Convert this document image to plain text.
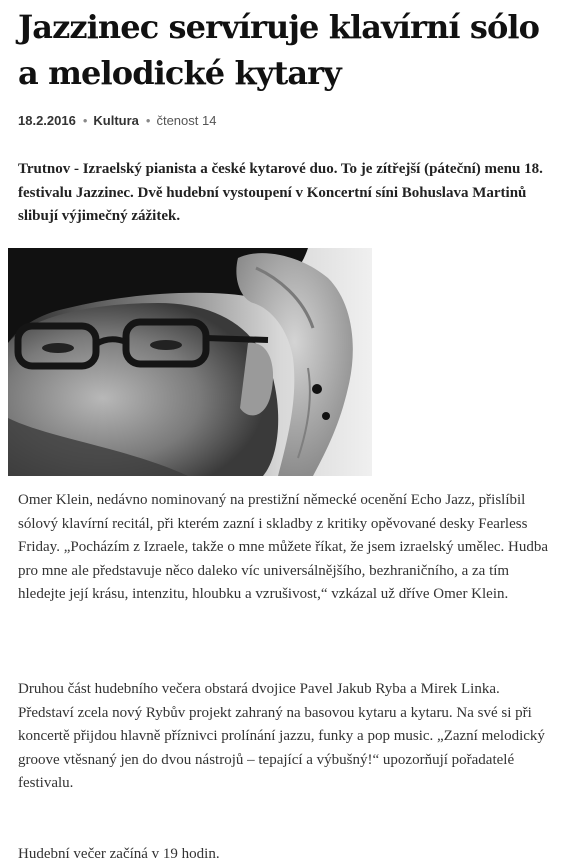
Jazzinec servíruje klavírní sólo a melodické kytary
18.2.2016 • Kultura • čtenost 14

Trutnov - Izraelský pianista a české kytarové duo. To je zítřejší (páteční) menu 18. festivalu Jazzinec. Dvě hudební vystoupení v Koncertní síni Bohuslava Martinů slibují výjimečný zážitek.

Omer Klein, nedávno nominovaný na prestižní německé ocenění Echo Jazz, přislíbil sólový klavírní recitál, při kterém zazní i skladby z kritiky opěvované desky Fearless Friday. „Pocházím z Izraele, takže o mne můžete říkat, že jsem izraelský umělec. Hudba pro mne ale představuje něco daleko víc universálnějšího, bezhraničního, a za tím hledejte její krásu, intenzitu, hloubku a vzrušivost,“ vzkázal už dříve Omer Klein.

Druhou část hudebního večera obstará dvojice Pavel Jakub Ryba a Mirek Linka. Představí zcela nový Rybův projekt zahraný na basovou kytaru a kytaru. Na své si při koncertě přijdou hlavně příznivci prolínání jazzu, funky a pop music. „Zazní melodický groove vtěsnaný jen do dvou nástrojů – tepající a výbušný!“ upozorňují pořadatelé festivalu.

Hudební večer začíná v 19 hodin.
